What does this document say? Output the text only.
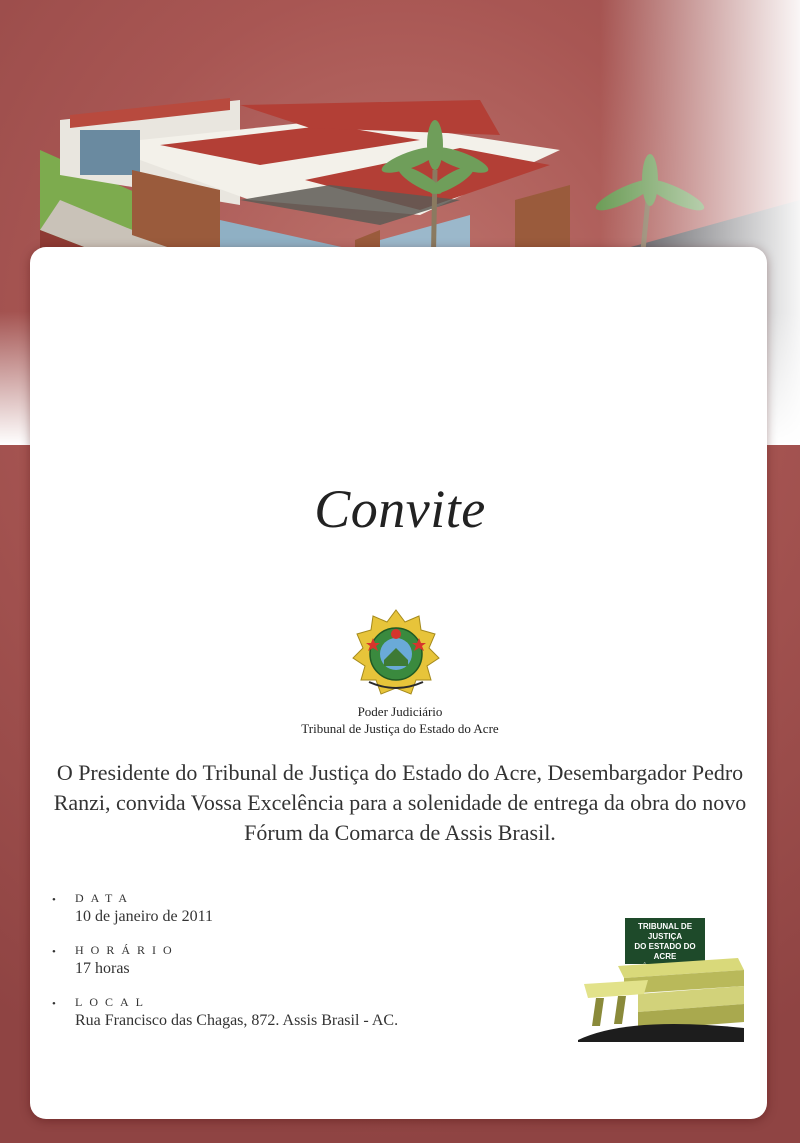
Convite
Poder Judiciário
Tribunal de Justiça do Estado do Acre
O Presidente do Tribunal de Justiça do Estado do Acre, Desembargador Pedro Ranzi, convida Vossa Excelência para a solenidade de entrega da obra do novo Fórum da Comarca de Assis Brasil.
• DATA
10 de janeiro de 2011
• HORÁRIO
17 horas
• LOCAL
Rua Francisco das Chagas, 872. Assis Brasil - AC.
TRIBUNAL DE JUSTIÇA
DO ESTADO DO ACRE
